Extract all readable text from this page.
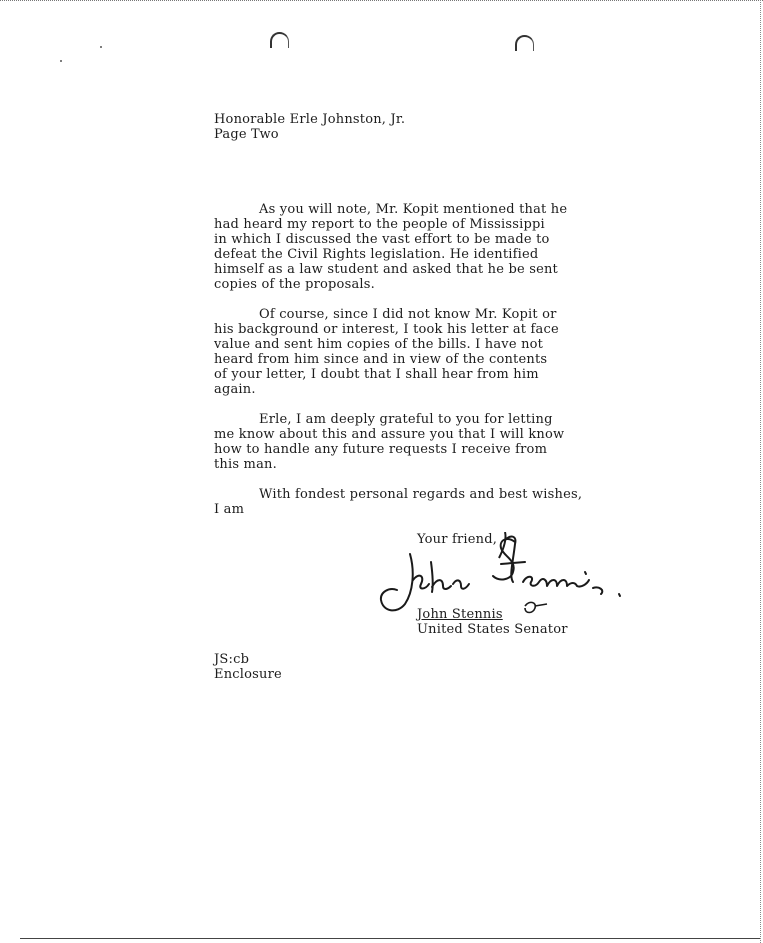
Honorable Erle Johnston, Jr.
Page Two
As you will note, Mr. Kopit mentioned that he
had heard my report to the people of Mississippi
in which I discussed the vast effort to be made to
defeat the Civil Rights legislation. He identified
himself as a law student and asked that he be sent
copies of the proposals.
Of course, since I did not know Mr. Kopit or
his background or interest, I took his letter at face
value and sent him copies of the bills. I have not
heard from him since and in view of the contents
of your letter, I doubt that I shall hear from him
again.
Erle, I am deeply grateful to you for letting
me know about this and assure you that I will know
how to handle any future requests I receive from
this man.
With fondest personal regards and best wishes,
I am
Your friend,
John Stennis
United States Senator
JS:cb
Enclosure
